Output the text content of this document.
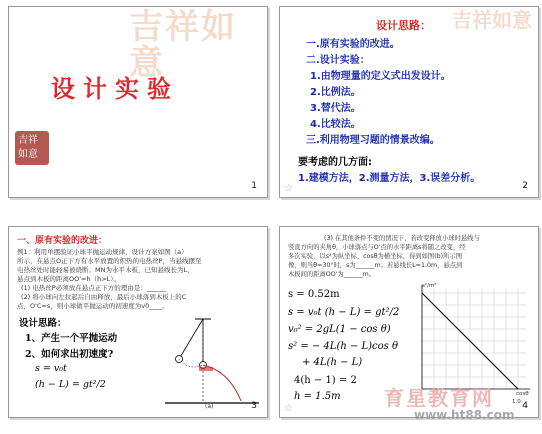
吉祥如意
设计实验
吉祥如意
1
吉祥如意
设计思路：
一.原有实验的改进。
二.设计实验：
1.由物理量的定义式出发设计。
2.比例法。
3.替代法。
4.比较法。
三.利用物理习题的情景改编。
要考虑的几方面:
1.建模方法，2.测量方法，3.误差分析。
☆	2
一、原有实验的改进：
例1：利用单摆验证小球平抛运动规律，设计方案如图（a）
所示，在悬点O正下方有水平放置的炽热的电热丝P，当悬线摆至
电热丝处时能轻易被烧断；MN为水平木板，已知悬线长为L，
悬点到木板的距离OO'=h（h>L）。
(1) 电热丝P必须放在悬点正下方的理由是：______
(2) 将小球向左拉起后自由释放，最后小球落到木板上的C
点，O'C=s，则小球做平抛运动的初速度为v0____。
设计思路：
1、产生一个平抛运动
2、如何求出初速度?
s = v₀t
(h − L) = gt²/2
(a)	3
(3) 在其他条件不变的情况下，若改变释放小球时悬线与
竖直方向的夹角θ，小球落点与O'点的水平距离s将随之改变，经
多次实验，以s²为纵坐标、cosθ为横坐标，得到如图(b)所示图
像，则当θ=30°时，s为______m；若悬线长L=1.0m，悬点到
木板间的距离OO'为______m。
s²/m²
cosθ
1.0
s = 0.52m
s = v₀t (h − L) = gt²/2
v₀² = 2gL(1 − cos θ)
s² = − 4L(h − L)cos θ
+ 4L(h − L)
4(h − 1) = 2
h = 1.5m
☆	4
育星教育网
www.ht88.com
